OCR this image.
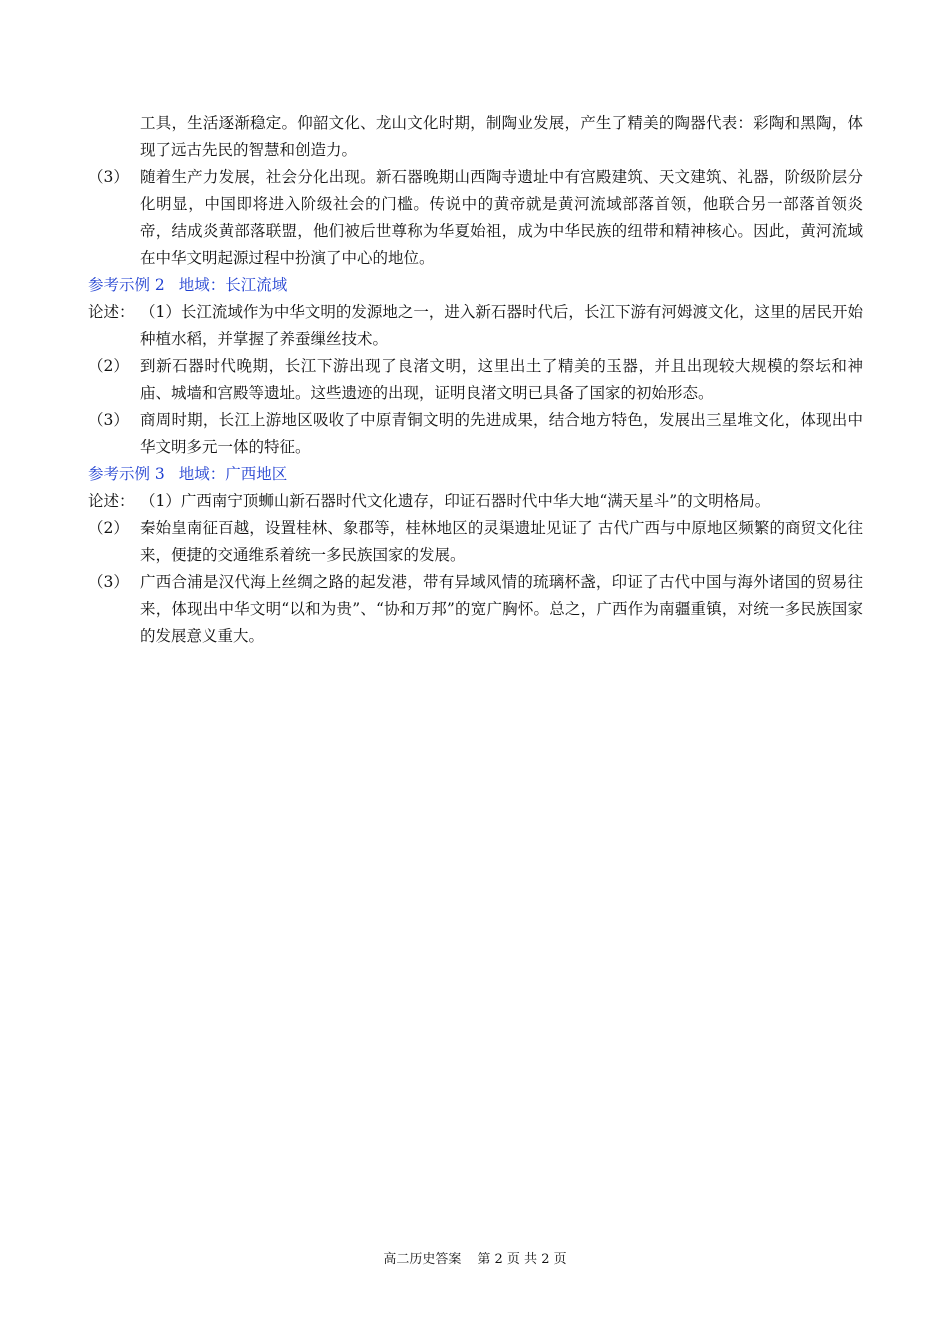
工具，生活逐渐稳定。仰韶文化、龙山文化时期，制陶业发展，产生了精美的陶器代表：彩陶和黑陶，体现了远古先民的智慧和创造力。
（3） 随着生产力发展，社会分化出现。新石器晚期山西陶寺遗址中有宫殿建筑、天文建筑、礼器，阶级阶层分化明显，中国即将进入阶级社会的门槛。传说中的黄帝就是黄河流域部落首领，他联合另一部落首领炎帝，结成炎黄部落联盟，他们被后世尊称为华夏始祖，成为中华民族的纽带和精神核心。因此，黄河流域在中华文明起源过程中扮演了中心的地位。
参考示例 2 地域：长江流域
论述： （1）长江流域作为中华文明的发源地之一，进入新石器时代后，长江下游有河姆渡文化，这里的居民开始种植水稻，并掌握了养蚕缫丝技术。
（2） 到新石器时代晚期，长江下游出现了良渚文明，这里出土了精美的玉器，并且出现较大规模的祭坛和神庙、城墙和宫殿等遗址。这些遗迹的出现，证明良渚文明已具备了国家的初始形态。
（3） 商周时期，长江上游地区吸收了中原青铜文明的先进成果，结合地方特色，发展出三星堆文化，体现出中华文明多元一体的特征。
参考示例 3 地域：广西地区
论述： （1）广西南宁顶蛳山新石器时代文化遗存，印证石器时代中华大地“满天星斗”的文明格局。
（2） 秦始皇南征百越，设置桂林、象郡等，桂林地区的灵渠遗址见证了 古代广西与中原地区频繁的商贸文化往来，便捷的交通维系着统一多民族国家的发展。
（3） 广西合浦是汉代海上丝绸之路的起发港，带有异域风情的琉璃杯盏，印证了古代中国与海外诸国的贸易往来，体现出中华文明“以和为贵”、“协和万邦”的宽广胸怀。总之，广西作为南疆重镇，对统一多民族国家的发展意义重大。
高二历史答案 第 2 页 共 2 页
